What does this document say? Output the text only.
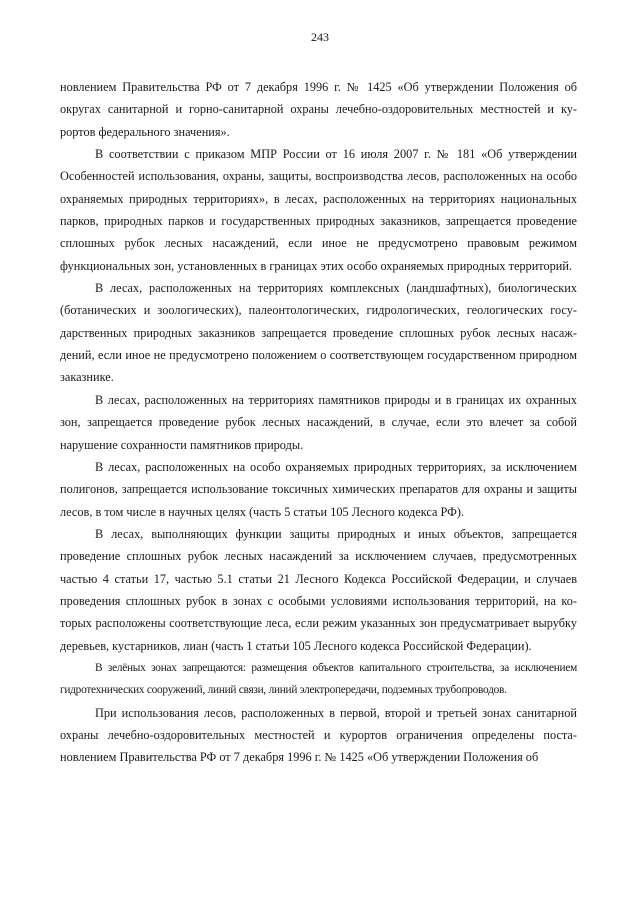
243

новлением Правительства РФ от 7 декабря 1996 г. № 1425 «Об утверждении Положения об округах санитарной и горно-санитарной охраны лечебно-оздоровительных местностей и курортов федерального значения».

В соответствии с приказом МПР России от 16 июля 2007 г. № 181 «Об утверждении Особенностей использования, охраны, защиты, воспроизводства лесов, расположенных на особо охраняемых природных территориях», в лесах, расположенных на территориях национальных парков, природных парков и государственных природных заказников, запрещается проведение сплошных рубок лесных насаждений, если иное не предусмотрено правовым режимом функциональных зон, установленных в границах этих особо охраняемых природных территорий.

В лесах, расположенных на территориях комплексных (ландшафтных), биологических (ботанических и зоологических), палеонтологических, гидрологических, геологических государственных природных заказников запрещается проведение сплошных рубок лесных насаждений, если иное не предусмотрено положением о соответствующем государственном природном заказнике.

В лесах, расположенных на территориях памятников природы и в границах их охранных зон, запрещается проведение рубок лесных насаждений, в случае, если это влечет за собой нарушение сохранности памятников природы.

В лесах, расположенных на особо охраняемых природных территориях, за исключением полигонов, запрещается использование токсичных химических препаратов для охраны и защиты лесов, в том числе в научных целях (часть 5 статьи 105 Лесного кодекса РФ).

В лесах, выполняющих функции защиты природных и иных объектов, запрещается проведение сплошных рубок лесных насаждений за исключением случаев, предусмотренных частью 4 статьи 17, частью 5.1 статьи 21 Лесного Кодекса Российской Федерации, и случаев проведения сплошных рубок в зонах с особыми условиями использования территорий, на которых расположены соответствующие леса, если режим указанных зон предусматривает вырубку деревьев, кустарников, лиан (часть 1 статьи 105 Лесного кодекса Российской Федерации).

В зелёных зонах запрещаются: размещения объектов капитального строительства, за исключением гидротехнических сооружений, линий связи, линий электропередачи, подземных трубопроводов.

При использования лесов, расположенных в первой, второй и третьей зонах санитарной охраны лечебно-оздоровительных местностей и курортов ограничения определены постановлением Правительства РФ от 7 декабря 1996 г. № 1425 «Об утверждении Положения об
